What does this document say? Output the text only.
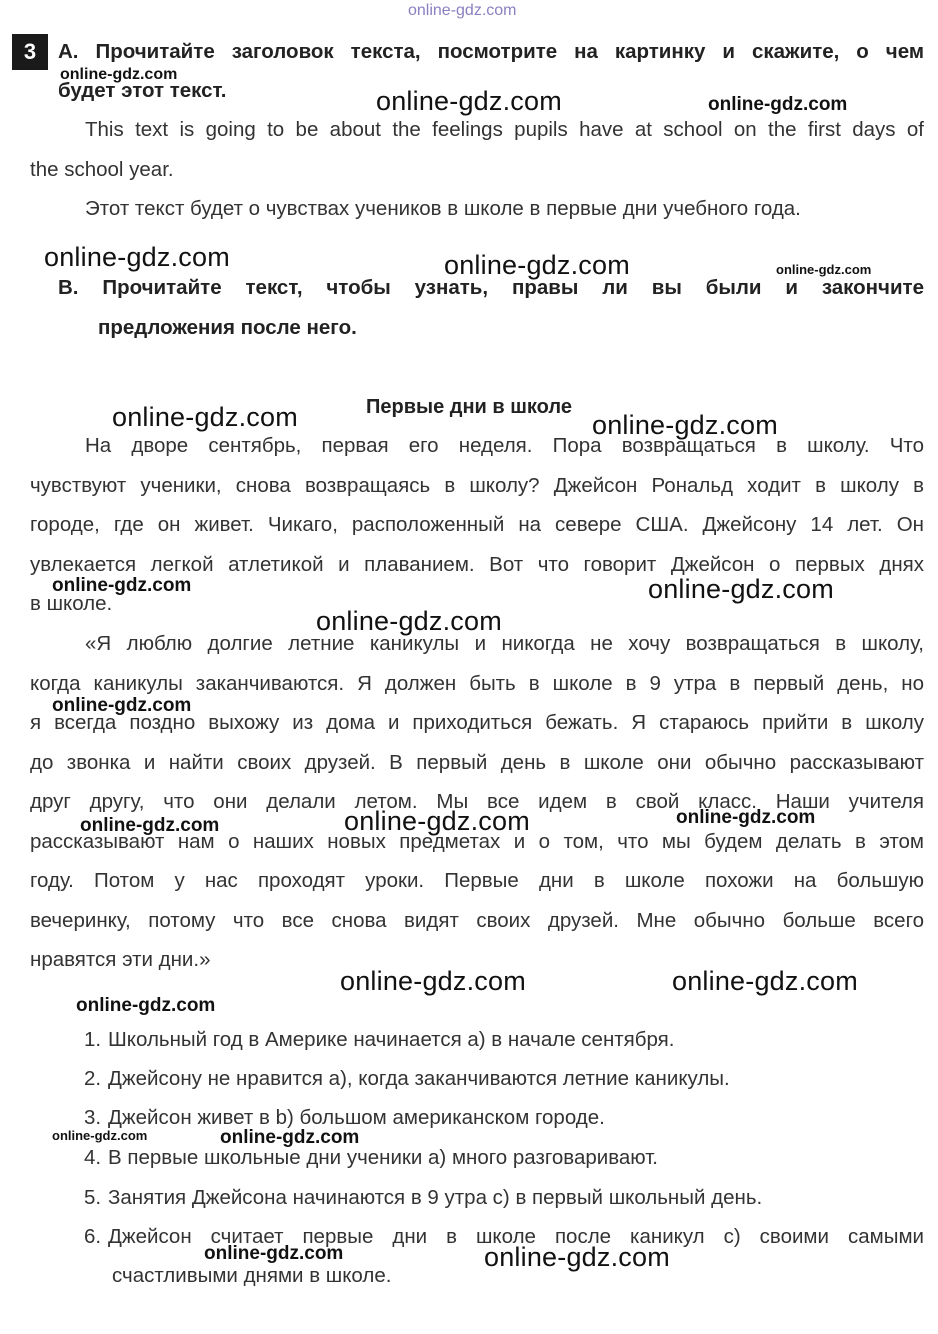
online-gdz.com
online-gdz.com
online-gdz.com	online-gdz.com
online-gdz.com	online-gdz.com	online-gdz.com
online-gdz.com	online-gdz.com
online-gdz.com	online-gdz.com
online-gdz.com
online-gdz.com
online-gdz.com	online-gdz.com	online-gdz.com
online-gdz.com	online-gdz.com
online-gdz.com
online-gdz.com	online-gdz.com
online-gdz.com	online-gdz.com
3	A. Прочитайте заголовок текста, посмотрите на картинку и скажите, о чем
будет этот текст.
This text is going to be about the feelings pupils have at school on the first days of
the school year.
Этот текст будет о чувствах учеников в школе в первые дни учебного года.
B. Прочитайте текст, чтобы узнать, правы ли вы были и закончите
предложения после него.
Первые дни в школе
На дворе сентябрь, первая его неделя. Пора возвращаться в школу. Что
чувствуют ученики, снова возвращаясь в школу? Джейсон Рональд ходит в школу в
городе, где он живет. Чикаго, расположенный на севере США. Джейсону 14 лет. Он
увлекается легкой атлетикой и плаванием. Вот что говорит Джейсон о первых днях
в школе.
«Я люблю долгие летние каникулы и никогда не хочу возвращаться в школу,
когда каникулы заканчиваются. Я должен быть в школе в 9 утра в первый день, но
я всегда поздно выхожу из дома и приходиться бежать. Я стараюсь прийти в школу
до звонка и найти своих друзей. В первый день в школе они обычно рассказывают
друг другу, что они делали летом. Мы все идем в свой класс. Наши учителя
рассказывают нам о наших новых предметах и о том, что мы будем делать в этом
году. Потом у нас проходят уроки. Первые дни в школе похожи на большую
вечеринку, потому что все снова видят своих друзей. Мне обычно больше всего
нравятся эти дни.»
1. Школьный год в Америке начинается а) в начале сентября.
2. Джейсону не нравится а), когда заканчиваются летние каникулы.
3. Джейсон живет в b) большом американском городе.
4. В первые школьные дни ученики а) много разговаривают.
5. Занятия Джейсона начинаются в 9 утра с) в первый школьный день.
6. Джейсон считает первые дни в школе после каникул с) своими самыми
счастливыми днями в школе.
